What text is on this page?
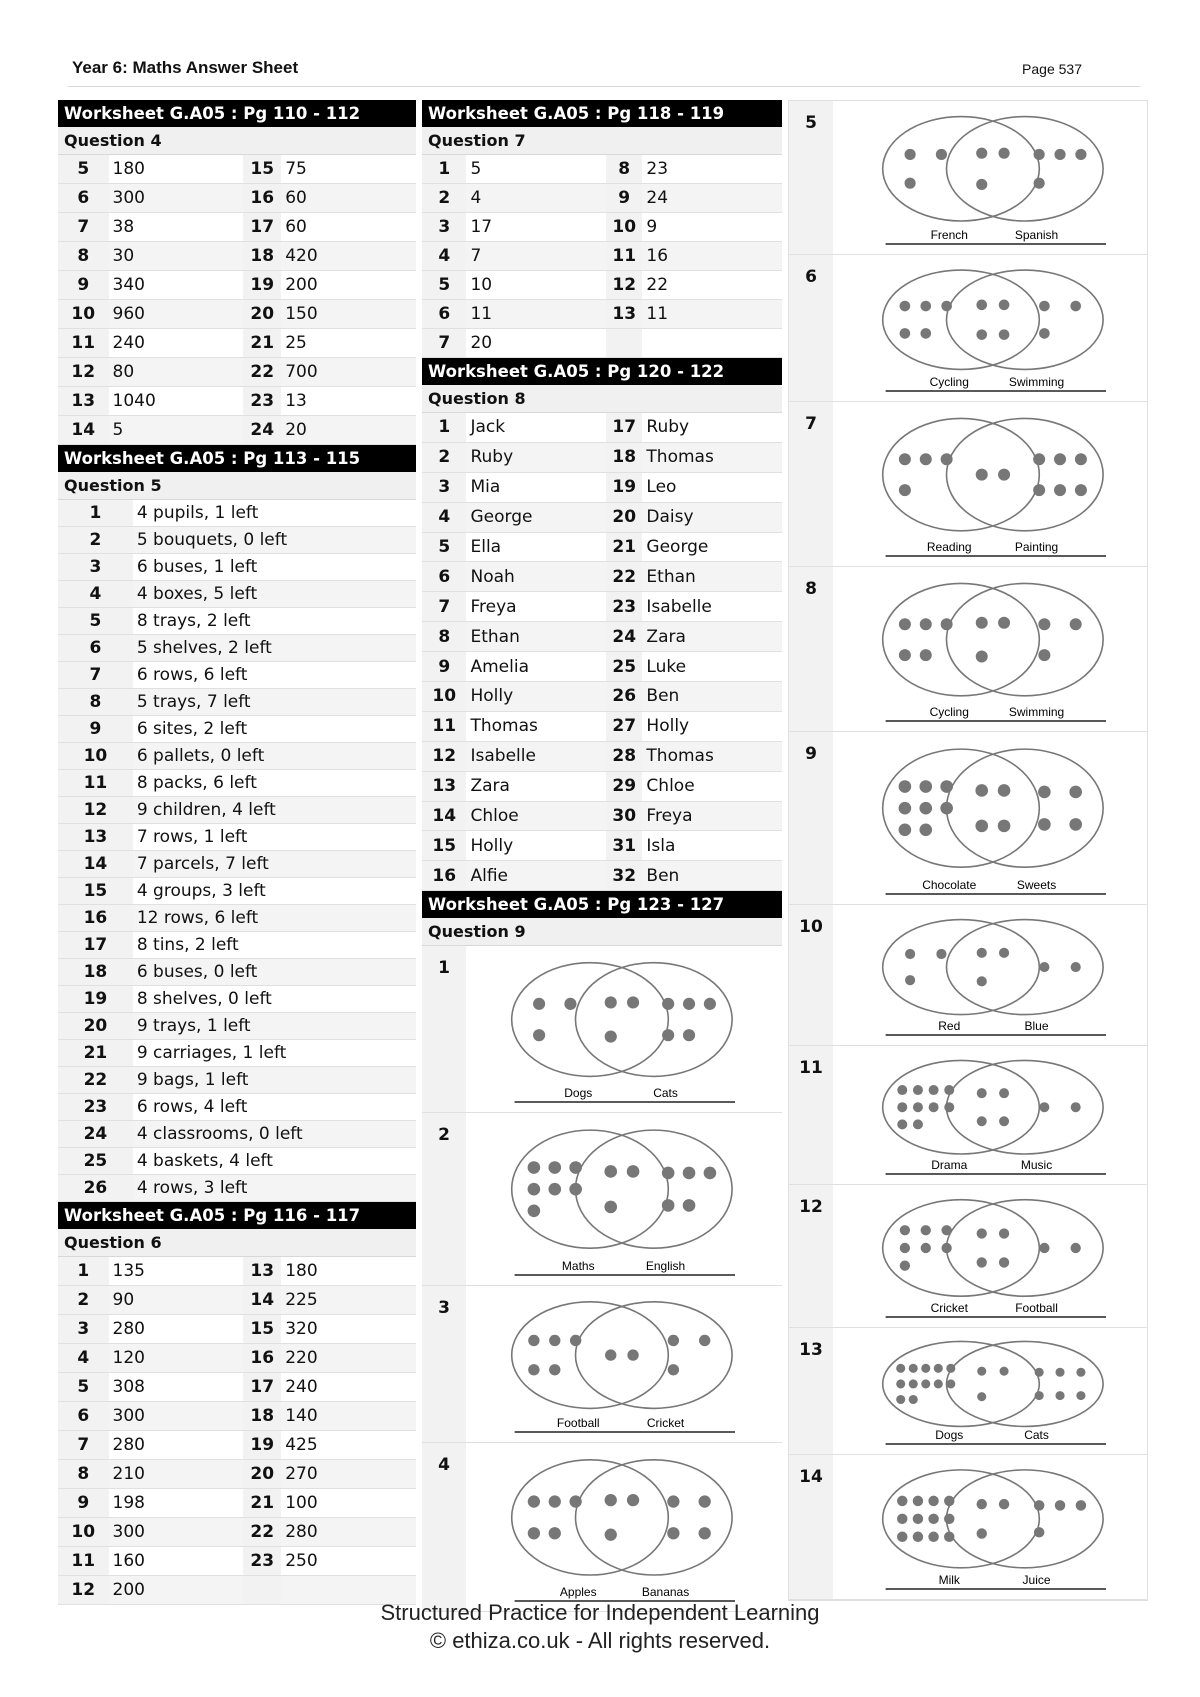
Year 6: Maths Answer Sheet	Page 537
Worksheet G.A05 : Pg 110 - 112
Question 4
5	180	15	75
6	300	16	60
7	38	17	60
8	30	18	420
9	340	19	200
10	960	20	150
11	240	21	25
12	80	22	700
13	1040	23	13
14	5	24	20
Worksheet G.A05 : Pg 113 - 115
Question 5
1	4 pupils, 1 left
2	5 bouquets, 0 left
3	6 buses, 1 left
4	4 boxes, 5 left
5	8 trays, 2 left
6	5 shelves, 2 left
7	6 rows, 6 left
8	5 trays, 7 left
9	6 sites, 2 left
10	6 pallets, 0 left
11	8 packs, 6 left
12	9 children, 4 left
13	7 rows, 1 left
14	7 parcels, 7 left
15	4 groups, 3 left
16	12 rows, 6 left
17	8 tins, 2 left
18	6 buses, 0 left
19	8 shelves, 0 left
20	9 trays, 1 left
21	9 carriages, 1 left
22	9 bags, 1 left
23	6 rows, 4 left
24	4 classrooms, 0 left
25	4 baskets, 4 left
26	4 rows, 3 left
Worksheet G.A05 : Pg 116 - 117
Question 6
1	135	13	180
2	90	14	225
3	280	15	320
4	120	16	220
5	308	17	240
6	300	18	140
7	280	19	425
8	210	20	270
9	198	21	100
10	300	22	280
11	160	23	250
12	200		
Worksheet G.A05 : Pg 118 - 119
Question 7
1	5	8	23
2	4	9	24
3	17	10	9
4	7	11	16
5	10	12	22
6	11	13	11
7	20		
Worksheet G.A05 : Pg 120 - 122
Question 8
1	Jack	17	Ruby
2	Ruby	18	Thomas
3	Mia	19	Leo
4	George	20	Daisy
5	Ella	21	George
6	Noah	22	Ethan
7	Freya	23	Isabelle
8	Ethan	24	Zara
9	Amelia	25	Luke
10	Holly	26	Ben
11	Thomas	27	Holly
12	Isabelle	28	Thomas
13	Zara	29	Chloe
14	Chloe	30	Freya
15	Holly	31	Isla
16	Alfie	32	Ben
Worksheet G.A05 : Pg 123 - 127
Question 9
1
Dogs	Cats
2
Maths	English
3
Football	Cricket
4
Apples	Bananas
5
French	Spanish
6
Cycling	Swimming
7
Reading	Painting
8
Cycling	Swimming
9
Chocolate	Sweets
10
Red	Blue
11
Drama	Music
12
Cricket	Football
13
Dogs	Cats
14
Milk	Juice
Structured Practice for Independent Learning
© ethiza.co.uk - All rights reserved.
